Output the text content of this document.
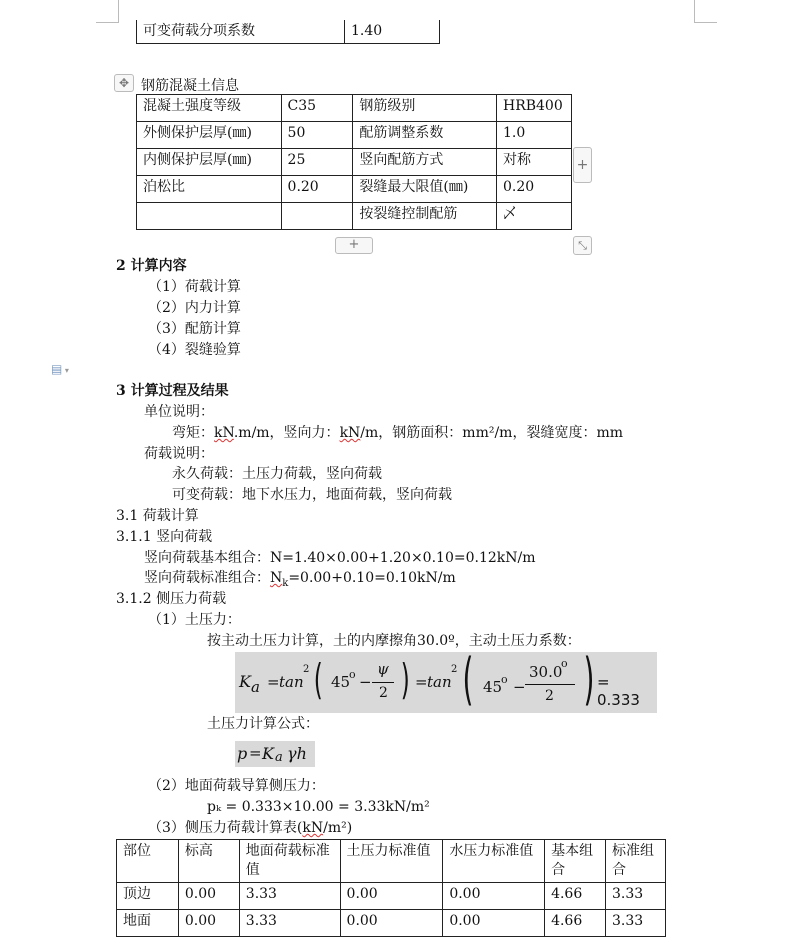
可变荷载分项系数	1.40
✥ 钢筋混凝土信息
混凝土强度等级	C35	钢筋级别	HRB400
外侧保护层厚(㎜)	50	配筋调整系数	1.0
内侧保护层厚(㎜)	25	竖向配筋方式	对称
泊松比	0.20	裂缝最大限值(㎜)	0.20
		按裂缝控制配筋	乄
+
+	⤡
2 计算内容
（1）荷载计算
（2）内力计算
（3）配筋计算
（4）裂缝验算
▤ ▾
3 计算过程及结果
单位说明：
弯矩：kN.m/m，竖向力：kN/m，钢筋面积：mm²/m，裂缝宽度：mm
荷载说明：
永久荷载：土压力荷载，竖向荷载
可变荷载：地下水压力，地面荷载，竖向荷载
3.1 荷载计算
3.1.1 竖向荷载
竖向荷载基本组合：N=1.40×0.00+1.20×0.10=0.12kN/m
竖向荷载标准组合：$N_k=0.00+0.10=0.10kN/m$
3.1.2 侧压力荷载
（1）土压力：
按主动土压力计算，土的内摩擦角30.0º，主动土压力系数：
K a = tan
2 ( 45
o −
ψ
2 ) = tan
2 ( 45
o −
30.0
o
2 ) = 0.333
土压力计算公式：
p = K a γh
（2）地面荷载导算侧压力：
pₖ = 0.333×10.00 = 3.33kN/m²
（3）侧压力荷载计算表(kN/m²)
部位	标高	地面荷载标准值	土压力标准值	水压力标准值	基本组合	标准组合
顶边	0.00	3.33	0.00	0.00	4.66	3.33
地面	0.00	3.33	0.00	0.00	4.66	3.33
